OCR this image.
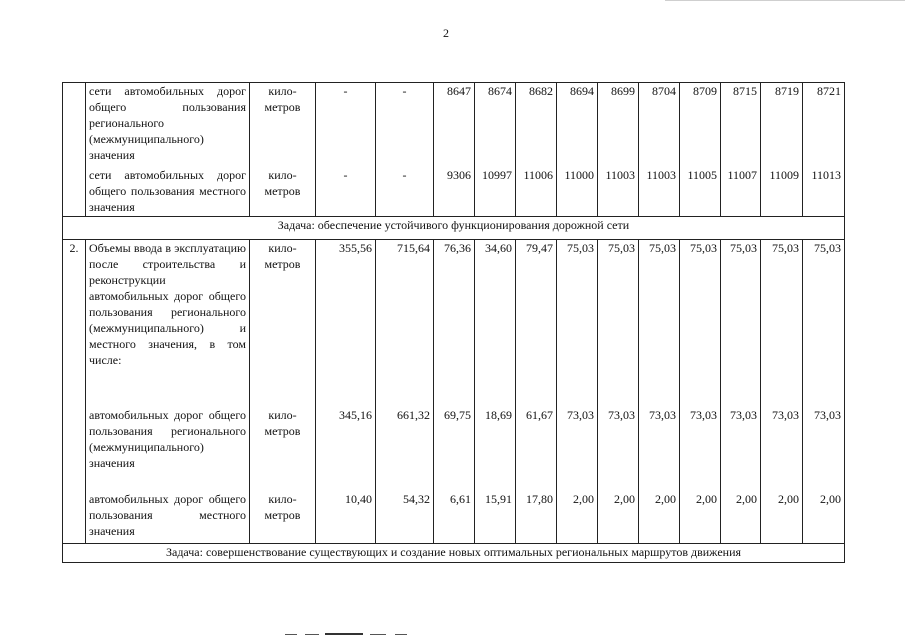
2
	сети автомобильных дорог общего пользования регионального (межмуниципального) значения	кило-метров	-	-	8647	8674	8682	8694	8699	8704	8709	8715	8719	8721
	сети автомобильных дорог общего пользования местного значения	кило-метров	-	-	9306	10997	11006	11000	11003	11003	11005	11007	11009	11013
Задача: обеспечение устойчивого функционирования дорожной сети														
2.	Объемы ввода в эксплуатацию после строительства и реконструкции автомобильных дорог общего пользования регионального (межмуниципального) и местного значения, в том числе:	кило-метров	355,56	715,64	76,36	34,60	79,47	75,03	75,03	75,03	75,03	75,03	75,03	75,03
	автомобильных дорог общего пользования регионального (межмуниципального) значения	кило-метров	345,16	661,32	69,75	18,69	61,67	73,03	73,03	73,03	73,03	73,03	73,03	73,03
	автомобильных дорог общего пользования местного значения	кило-метров	10,40	54,32	6,61	15,91	17,80	2,00	2,00	2,00	2,00	2,00	2,00	2,00
Задача: совершенствование существующих и создание новых оптимальных региональных маршрутов движения														
